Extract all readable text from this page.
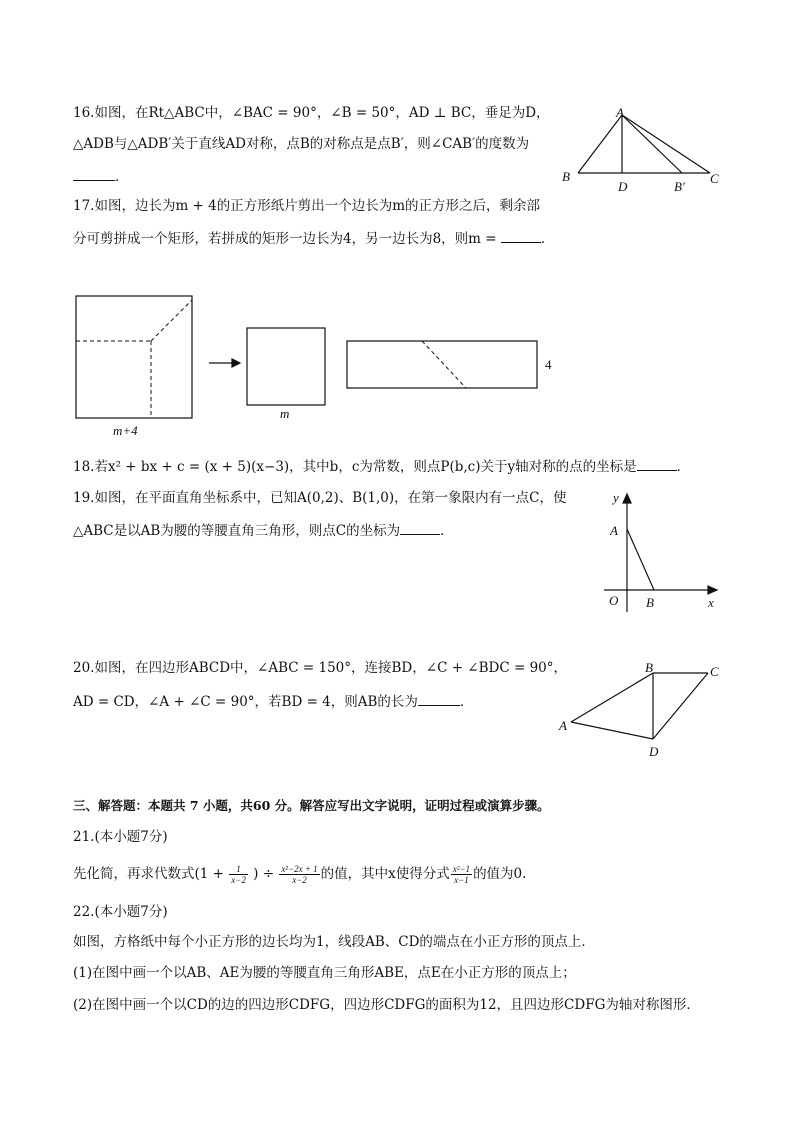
16.如图，在Rt△ABC中，∠BAC = 90°，∠B = 50°，AD ⊥ BC，垂足为D，
△ADB与△ADB′关于直线AD对称，点B的对称点是点B′，则∠CAB′的度数为
．
A
B
D	B′
C
17.如图，边长为m + 4的正方形纸片剪出一个边长为m的正方形之后，剩余部
分可剪拼成一个矩形，若拼成的矩形一边长为4，另一边长为8，则m =	．
m+4
m
4
18.若x² + bx + c = (x + 5)(x−3)，其中b，c为常数，则点P(b,c)关于y轴对称的点的坐标是	．
19.如图，在平面直角坐标系中，已知A(0,2)、B(1,0)，在第一象限内有一点C，使
△ABC是以AB为腰的等腰直角三角形，则点C的坐标为	．
y
A
O B	x
20.如图，在四边形ABCD中，∠ABC = 150°，连接BD，∠C + ∠BDC = 90°，
AD = CD，∠A + ∠C = 90°，若BD = 4，则AB的长为	．
A
B	C
D
三、解答题：本题共 7 小题，共60 分。解答应写出文字说明，证明过程或演算步骤。
21.(本小题7分)
先化简，再求代数式($1 + \frac{1}{x-2}$ ) ÷ $\frac{\text{x²−2x + 1}}{x-2}$ 的值，其中x使得分式 $\frac{\text{x²−1}}{x-1}$ 的值为0.
22.(本小题7分)
如图，方格纸中每个小正方形的边长均为1，线段AB、CD的端点在小正方形的顶点上．
(1)在图中画一个以AB、AE为腰的等腰直角三角形ABE，点E在小正方形的顶点上；
(2)在图中画一个以CD的边的四边形CDFG，四边形CDFG的面积为12，且四边形CDFG为轴对称图形．
